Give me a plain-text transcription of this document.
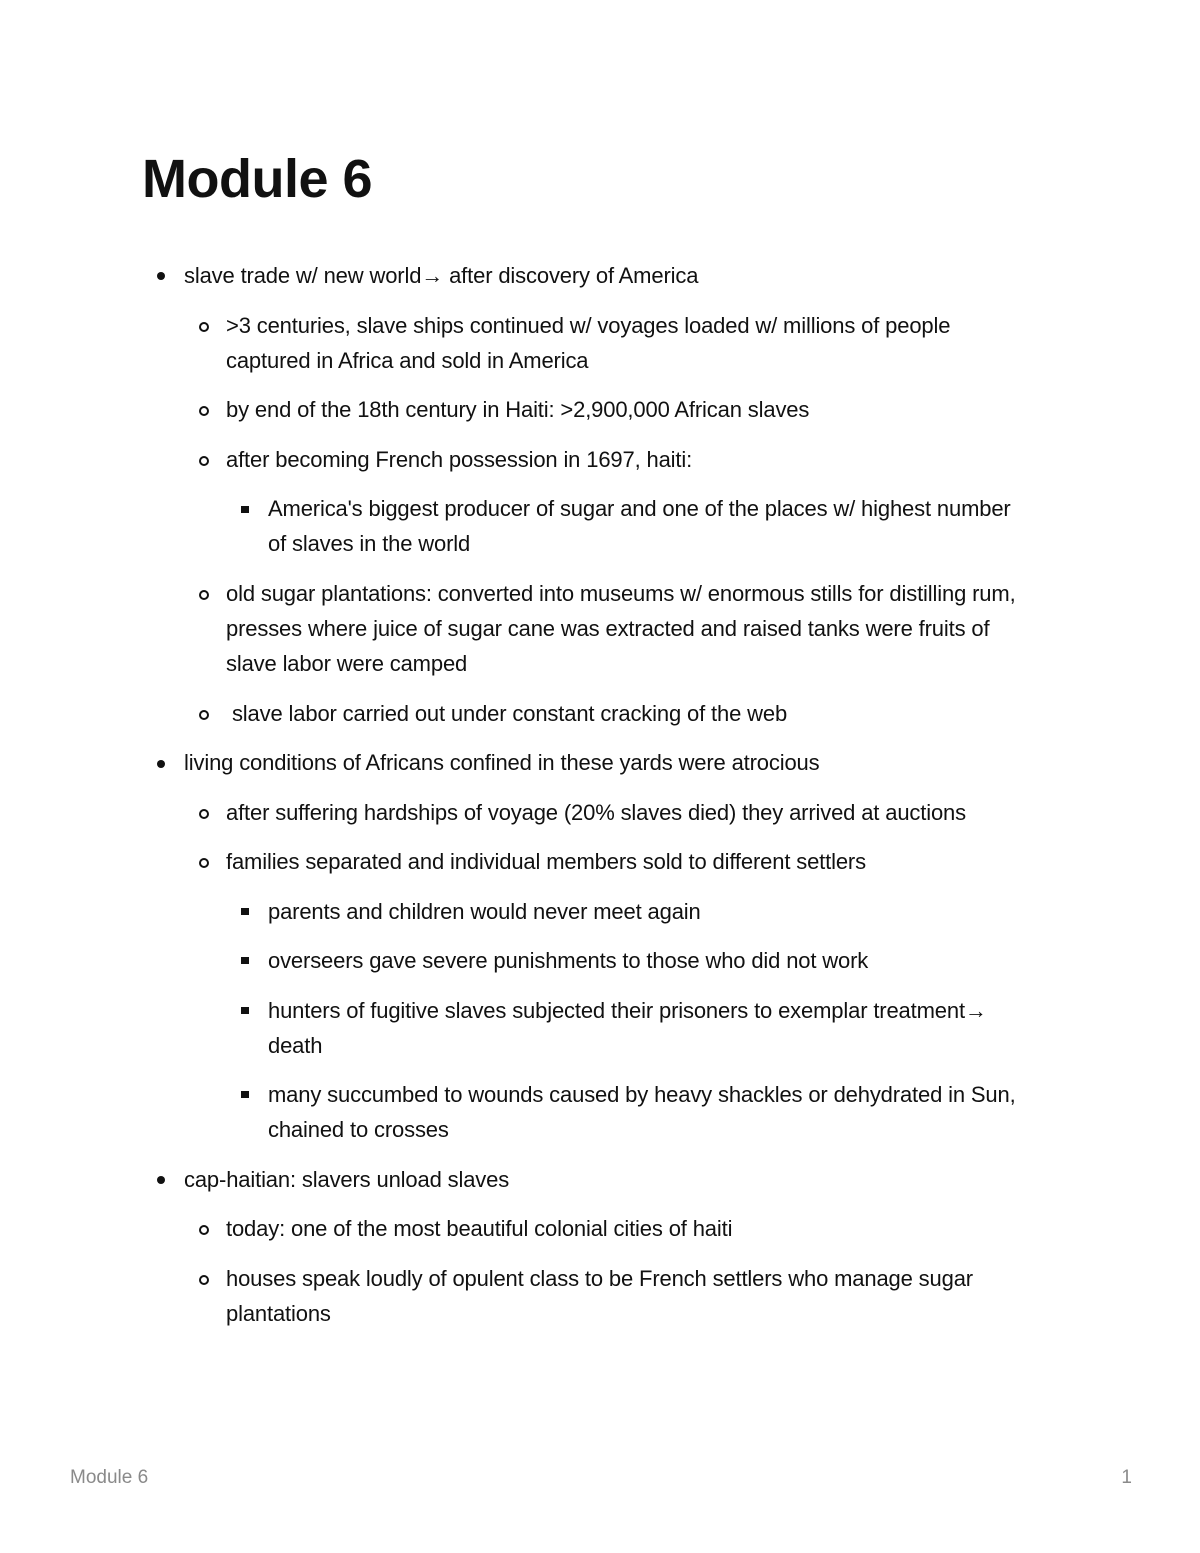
Module 6
slave trade w/ new world→ after discovery of America
>3 centuries, slave ships continued w/ voyages loaded w/ millions of people captured in Africa and sold in America
by end of the 18th century in Haiti: >2,900,000 African slaves
after becoming French possession in 1697, haiti:
America's biggest producer of sugar and one of the places w/ highest number of slaves in the world
old sugar plantations: converted into museums w/ enormous stills for distilling rum, presses where juice of sugar cane was extracted and raised tanks were fruits of slave labor were camped
slave labor carried out under constant cracking of the web
living conditions of Africans confined in these yards were atrocious
after suffering hardships of voyage (20% slaves died) they arrived at auctions
families separated and individual members sold to different settlers
parents and children would never meet again
overseers gave severe punishments to those who did not work
hunters of fugitive slaves subjected their prisoners to exemplar treatment→ death
many succumbed to wounds caused by heavy shackles or dehydrated in Sun, chained to crosses
cap-haitian: slavers unload slaves
today: one of the most beautiful colonial cities of haiti
houses speak loudly of opulent class to be French settlers who manage sugar plantations
Module 6	1
